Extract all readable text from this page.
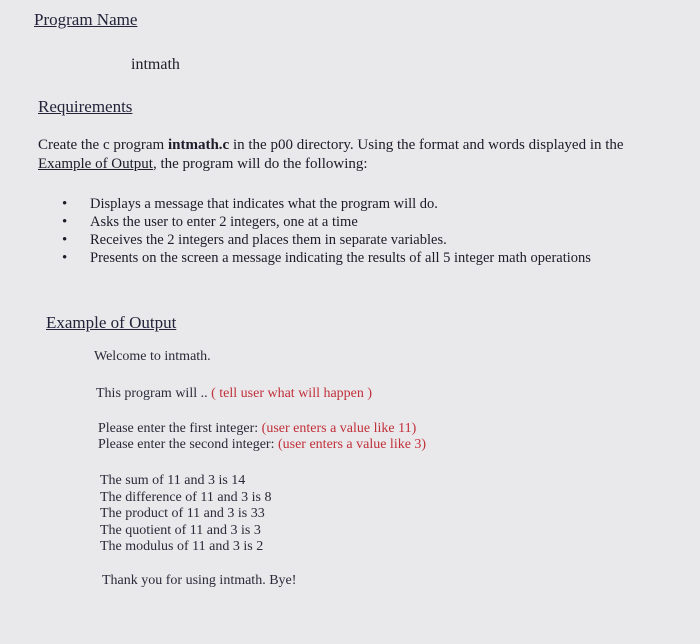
Program Name
intmath
Requirements
Create the c program intmath.c in the p00 directory. Using the format and words displayed in the
Example of Output, the program will do the following:
• Displays a message that indicates what the program will do.
• Asks the user to enter 2 integers, one at a time
• Receives the 2 integers and places them in separate variables.
• Presents on the screen a message indicating the results of all 5 integer math operations
Example of Output
Welcome to intmath.
This program will .. ( tell user what will happen )
Please enter the first integer: (user enters a value like 11)
Please enter the second integer: (user enters a value like 3)
The sum of 11 and 3 is 14
The difference of 11 and 3 is 8
The product of 11 and 3 is 33
The quotient of 11 and 3 is 3
The modulus of 11 and 3 is 2
Thank you for using intmath. Bye!
